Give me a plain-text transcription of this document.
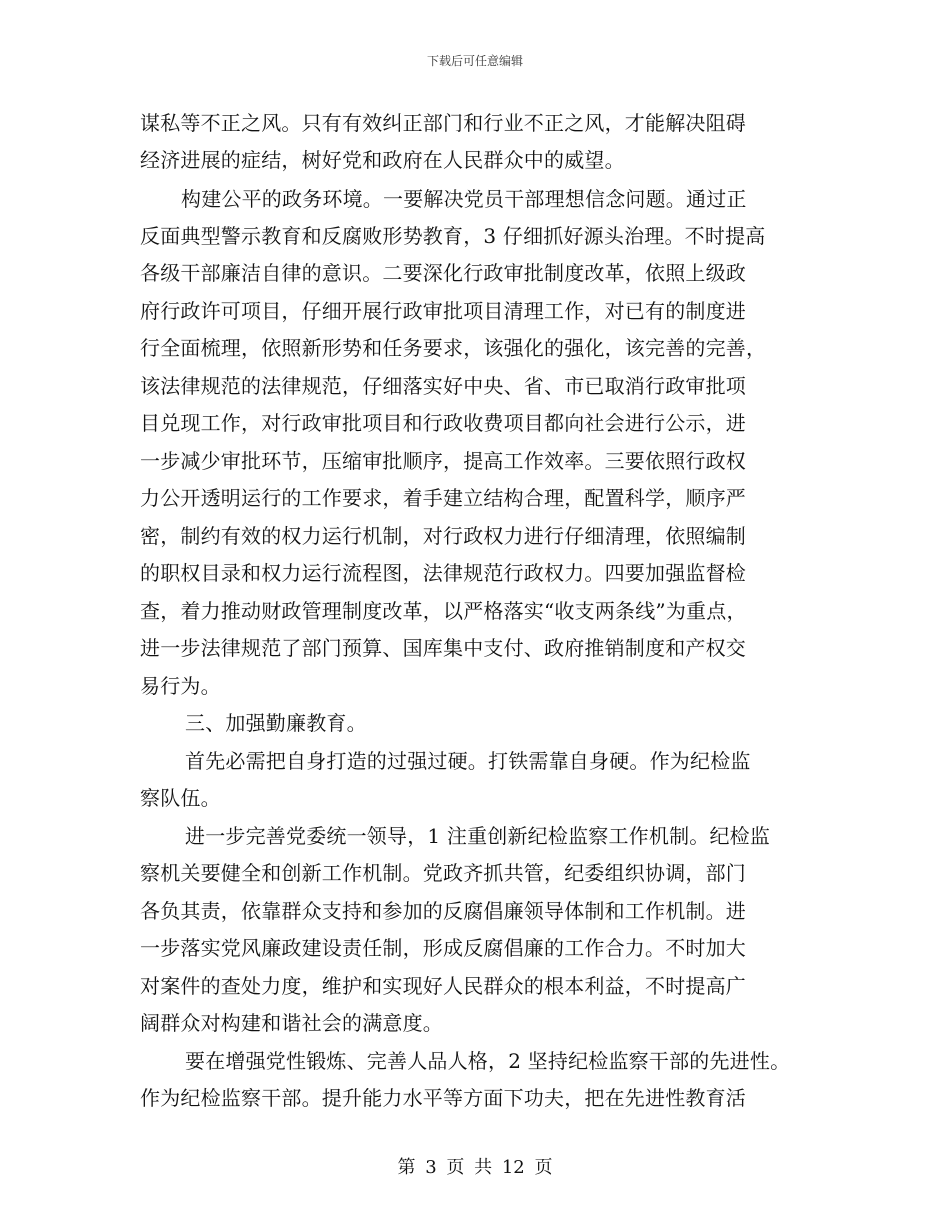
下载后可任意编辑
谋私等不正之风。只有有效纠正部门和行业不正之风，才能解决阻碍
经济进展的症结，树好党和政府在人民群众中的威望。
构建公平的政务环境。一要解决党员干部理想信念问题。通过正
反面典型警示教育和反腐败形势教育，3 仔细抓好源头治理。不时提高
各级干部廉洁自律的意识。二要深化行政审批制度改革，依照上级政
府行政许可项目，仔细开展行政审批项目清理工作，对已有的制度进
行全面梳理，依照新形势和任务要求，该强化的强化，该完善的完善，
该法律规范的法律规范，仔细落实好中央、省、市已取消行政审批项
目兑现工作，对行政审批项目和行政收费项目都向社会进行公示，进
一步减少审批环节，压缩审批顺序，提高工作效率。三要依照行政权
力公开透明运行的工作要求，着手建立结构合理，配置科学，顺序严
密，制约有效的权力运行机制，对行政权力进行仔细清理，依照编制
的职权目录和权力运行流程图，法律规范行政权力。四要加强监督检
查，着力推动财政管理制度改革，以严格落实“收支两条线”为重点，
进一步法律规范了部门预算、国库集中支付、政府推销制度和产权交
易行为。
三、加强勤廉教育。
首先必需把自身打造的过强过硬。打铁需靠自身硬。作为纪检监
察队伍。
进一步完善党委统一领导，1 注重创新纪检监察工作机制。纪检监
察机关要健全和创新工作机制。党政齐抓共管，纪委组织协调，部门
各负其责，依靠群众支持和参加的反腐倡廉领导体制和工作机制。进
一步落实党风廉政建设责任制，形成反腐倡廉的工作合力。不时加大
对案件的查处力度，维护和实现好人民群众的根本利益，不时提高广
阔群众对构建和谐社会的满意度。
要在增强党性锻炼、完善人品人格，2 坚持纪检监察干部的先进性。
作为纪检监察干部。提升能力水平等方面下功夫，把在先进性教育活
第 3 页 共 12 页
